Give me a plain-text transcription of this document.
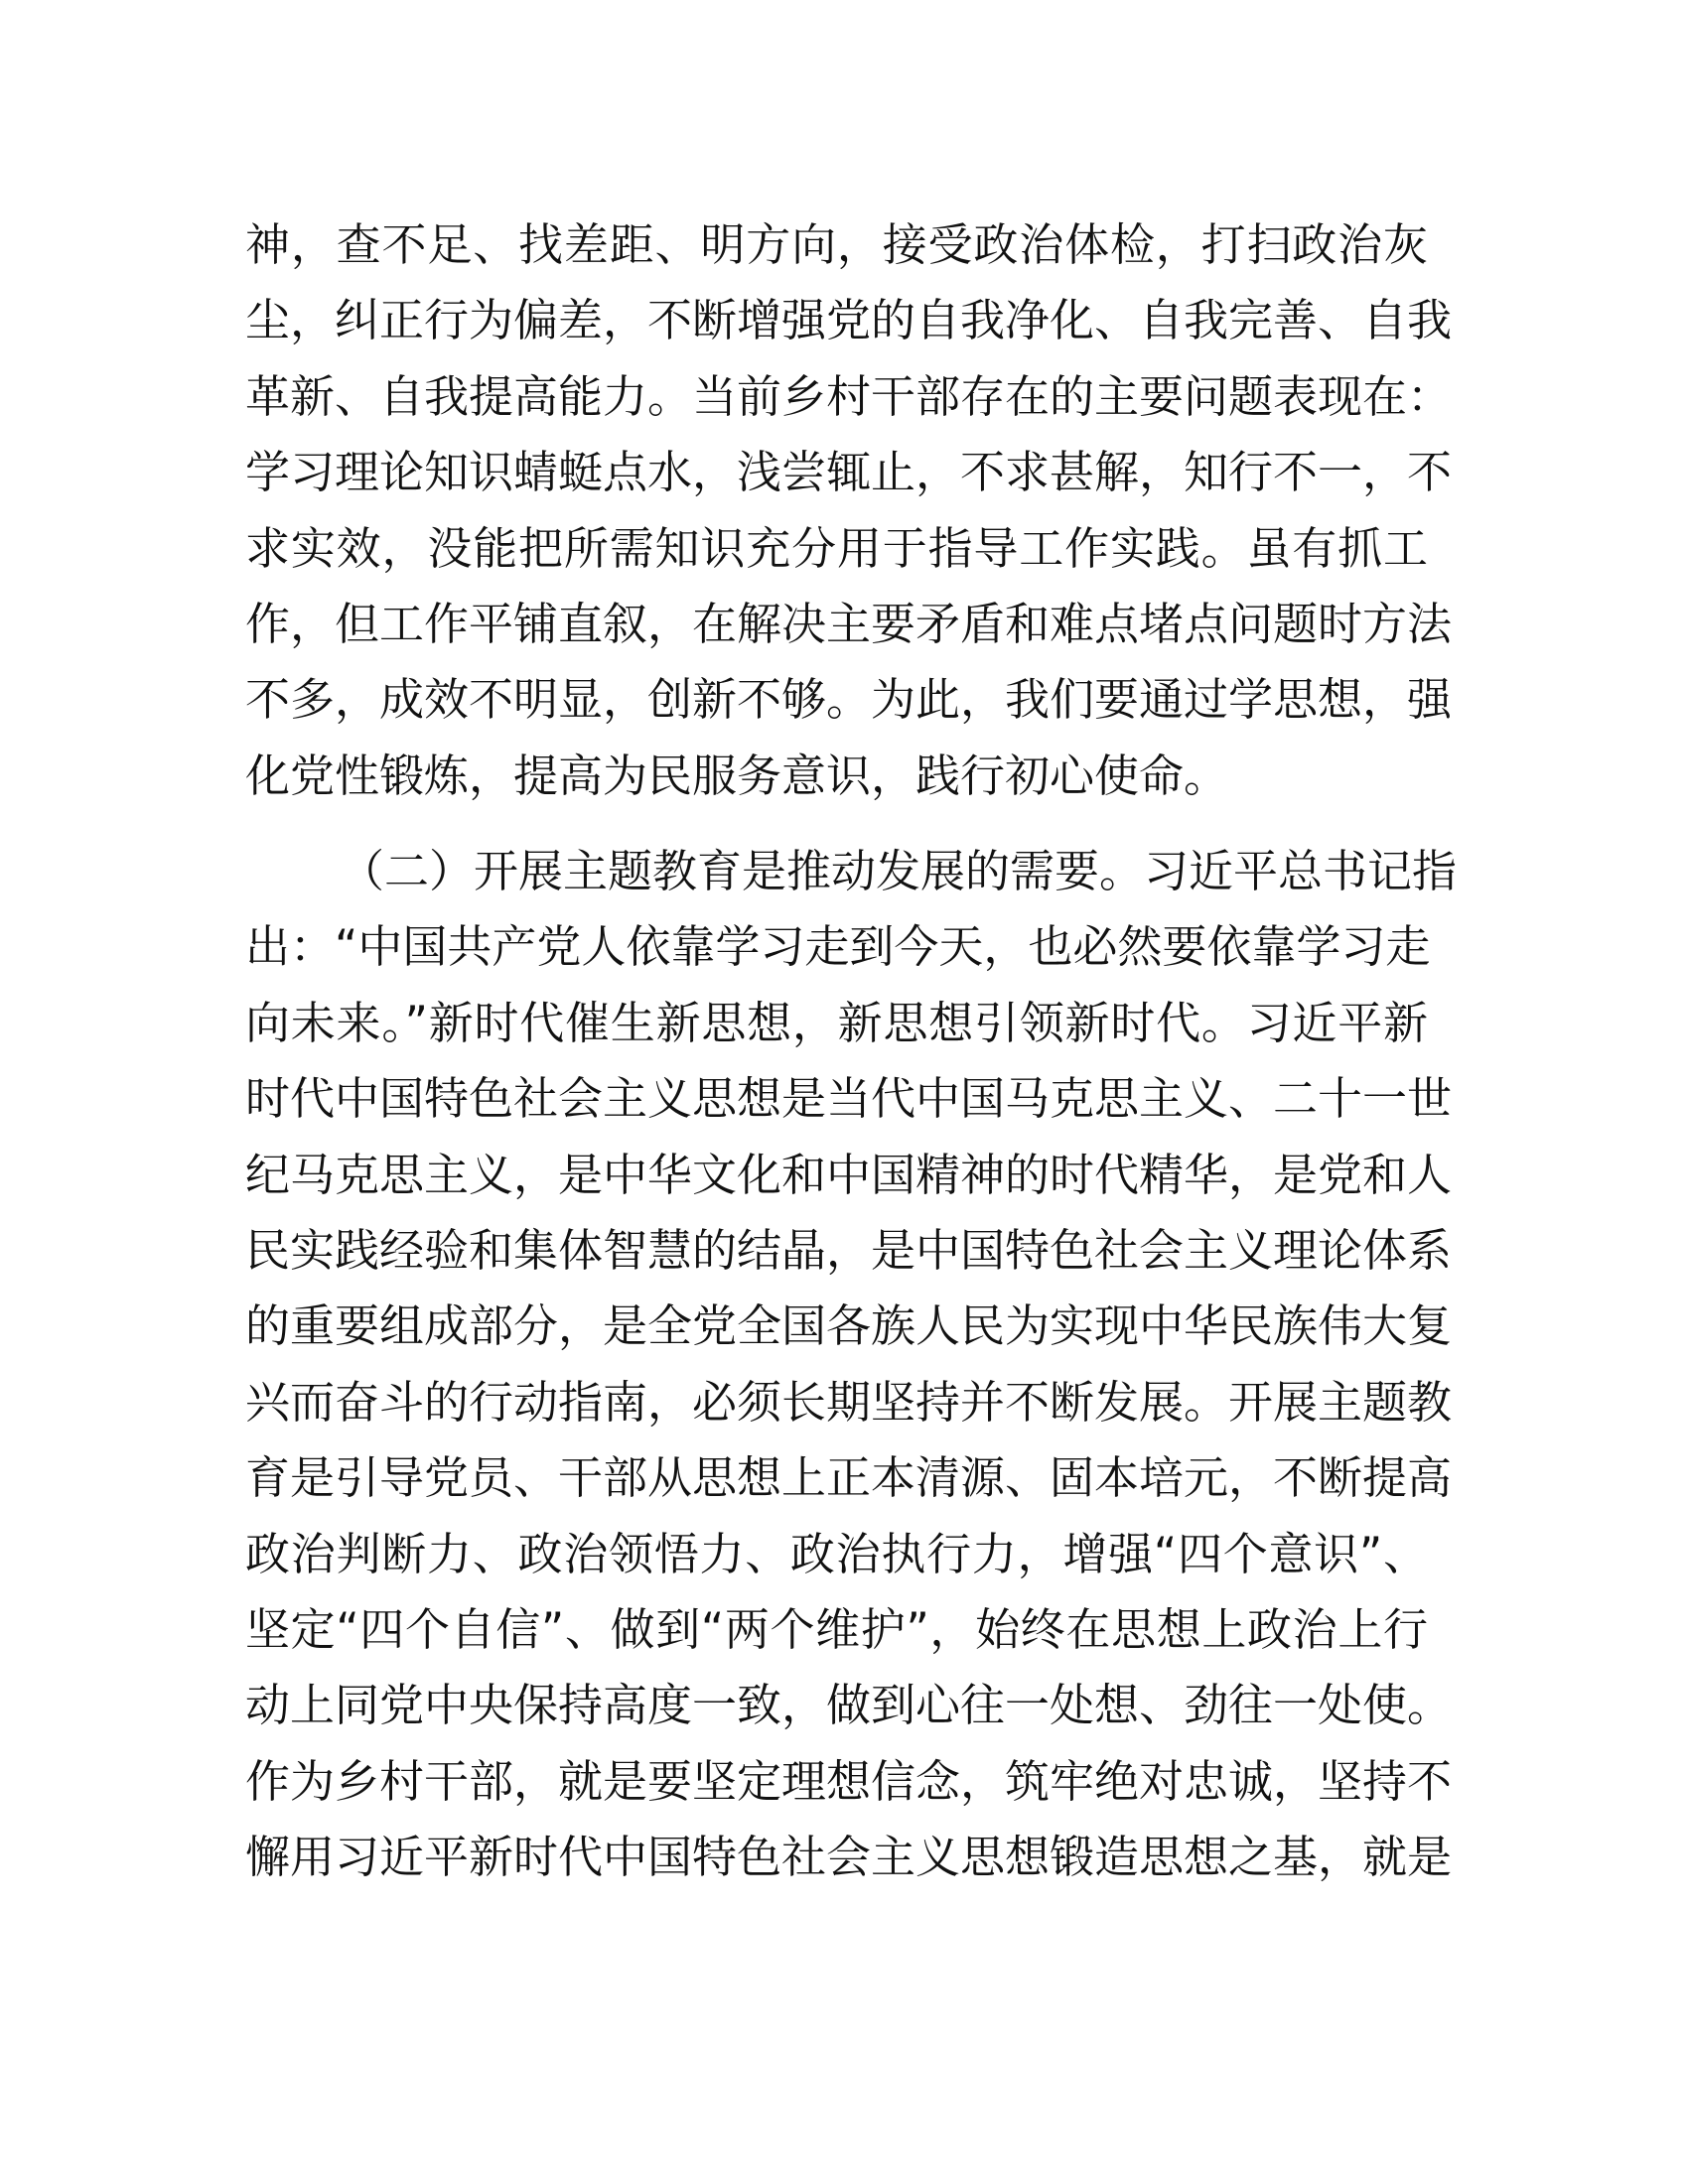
神，查不足、找差距、明方向，接受政治体检，打扫政治灰
尘，纠正行为偏差，不断增强党的自我净化、自我完善、自我
革新、自我提高能力。当前乡村干部存在的主要问题表现在：
学习理论知识蜻蜓点水，浅尝辄止，不求甚解，知行不一，不
求实效，没能把所需知识充分用于指导工作实践。虽有抓工
作，但工作平铺直叙，在解决主要矛盾和难点堵点问题时方法
不多，成效不明显，创新不够。为此，我们要通过学思想，强
化党性锻炼，提高为民服务意识，践行初心使命。
（二）开展主题教育是推动发展的需要。习近平总书记指
出：“中国共产党人依靠学习走到今天，也必然要依靠学习走
向未来。”新时代催生新思想，新思想引领新时代。习近平新
时代中国特色社会主义思想是当代中国马克思主义、二十一世
纪马克思主义，是中华文化和中国精神的时代精华，是党和人
民实践经验和集体智慧的结晶，是中国特色社会主义理论体系
的重要组成部分，是全党全国各族人民为实现中华民族伟大复
兴而奋斗的行动指南，必须长期坚持并不断发展。开展主题教
育是引导党员、干部从思想上正本清源、固本培元，不断提高
政治判断力、政治领悟力、政治执行力，增强“四个意识”、
坚定“四个自信”、做到“两个维护”，始终在思想上政治上行
动上同党中央保持高度一致，做到心往一处想、劲往一处使。
作为乡村干部，就是要坚定理想信念，筑牢绝对忠诚，坚持不
懈用习近平新时代中国特色社会主义思想锻造思想之基，就是
